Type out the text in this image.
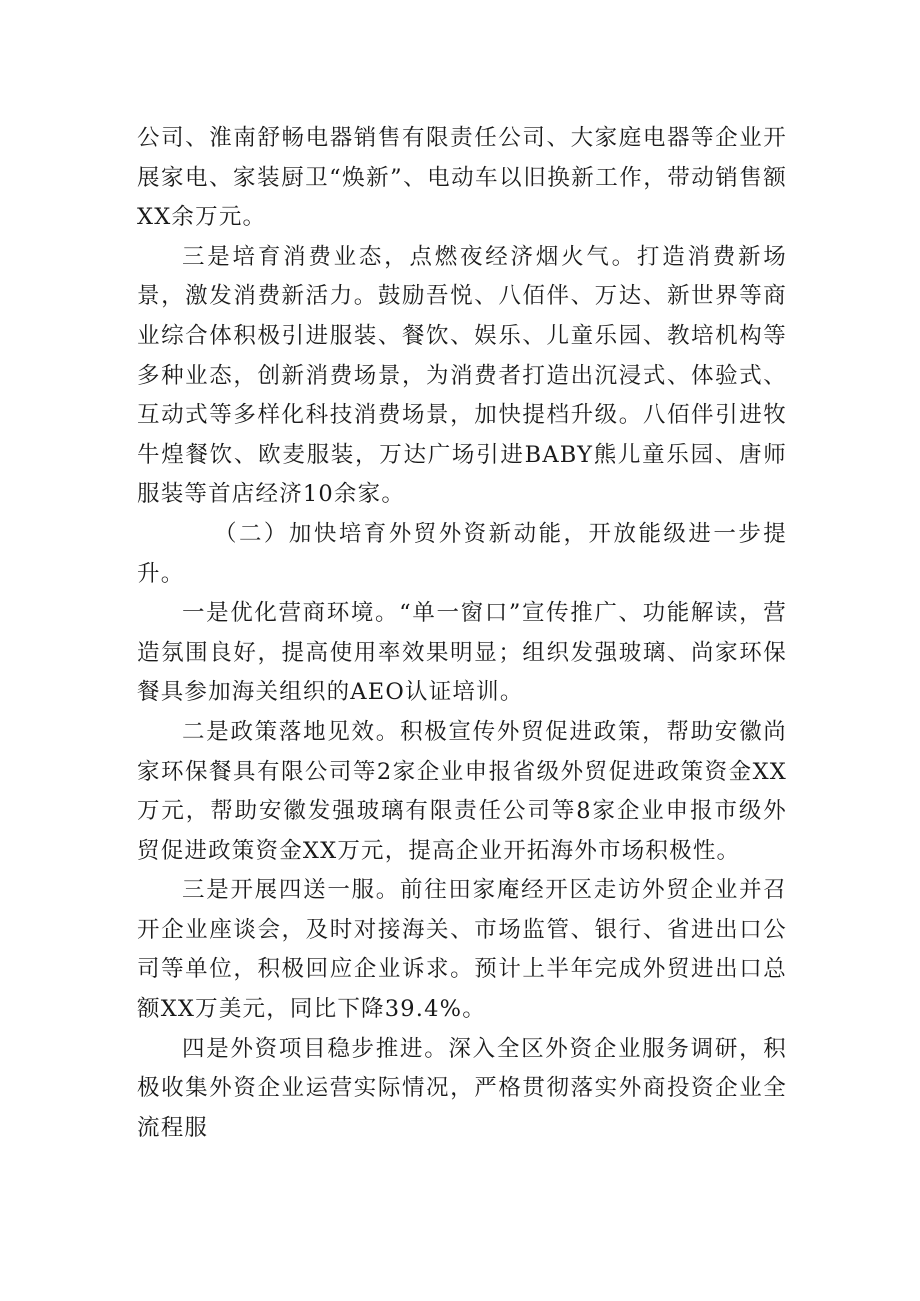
公司、淮南舒畅电器销售有限责任公司、大家庭电器等企业开展家电、家装厨卫“焕新”、电动车以旧换新工作，带动销售额XX余万元。

三是培育消费业态，点燃夜经济烟火气。打造消费新场景，激发消费新活力。鼓励吾悦、八佰伴、万达、新世界等商业综合体积极引进服装、餐饮、娱乐、儿童乐园、教培机构等多种业态，创新消费场景，为消费者打造出沉浸式、体验式、互动式等多样化科技消费场景，加快提档升级。八佰伴引进牧牛煌餐饮、欧麦服装，万达广场引进BABY熊儿童乐园、唐师服装等首店经济10余家。

（二）加快培育外贸外资新动能，开放能级进一步提升。

一是优化营商环境。“单一窗口”宣传推广、功能解读，营造氛围良好，提高使用率效果明显；组织发强玻璃、尚家环保餐具参加海关组织的AEO认证培训。

二是政策落地见效。积极宣传外贸促进政策，帮助安徽尚家环保餐具有限公司等2家企业申报省级外贸促进政策资金XX万元，帮助安徽发强玻璃有限责任公司等8家企业申报市级外贸促进政策资金XX万元，提高企业开拓海外市场积极性。

三是开展四送一服。前往田家庵经开区走访外贸企业并召开企业座谈会，及时对接海关、市场监管、银行、省进出口公司等单位，积极回应企业诉求。预计上半年完成外贸进出口总额XX万美元，同比下降39.4%。

四是外资项目稳步推进。深入全区外资企业服务调研，积极收集外资企业运营实际情况，严格贯彻落实外商投资企业全流程服
